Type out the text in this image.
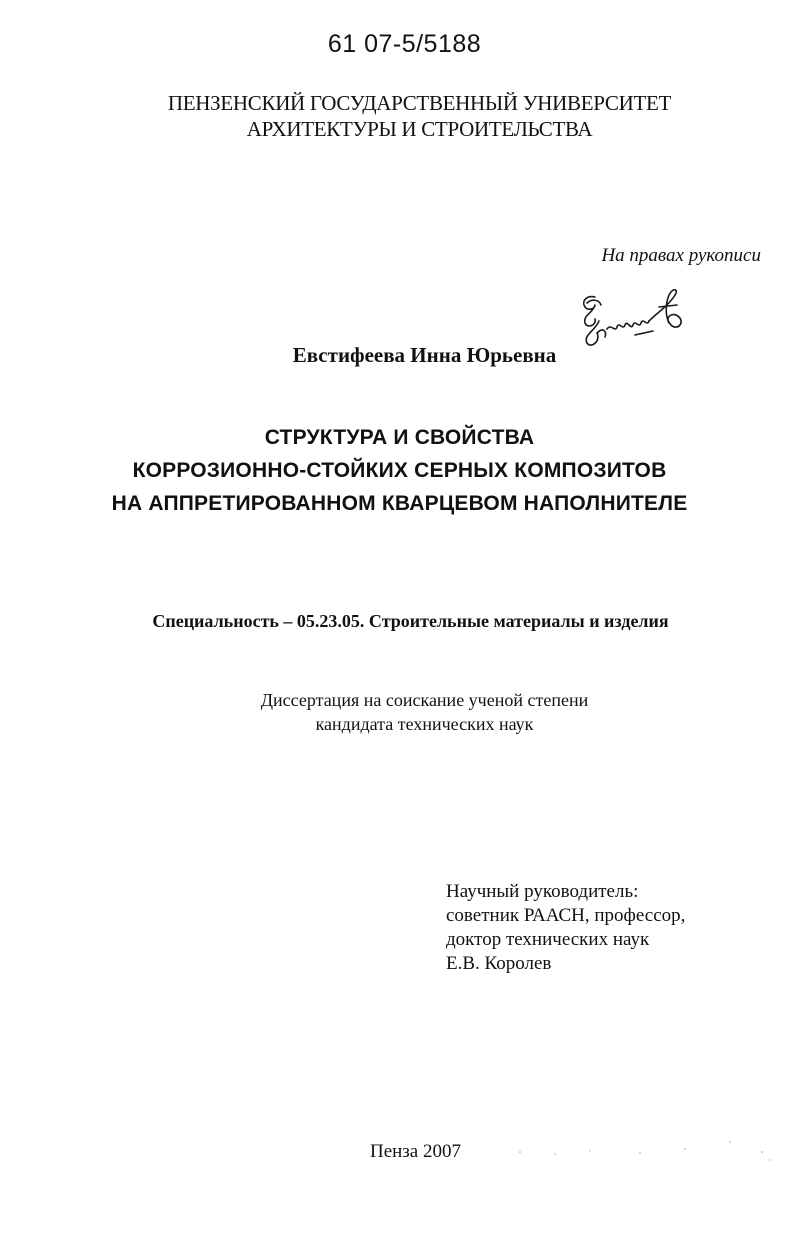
61 07-5/5188
ПЕНЗЕНСКИЙ ГОСУДАРСТВЕННЫЙ УНИВЕРСИТЕТ
АРХИТЕКТУРЫ И СТРОИТЕЛЬСТВА
На правах рукописи
Евстифеева Инна Юрьевна
СТРУКТУРА И СВОЙСТВА
КОРРОЗИОННО-СТОЙКИХ СЕРНЫХ КОМПОЗИТОВ
НА АППРЕТИРОВАННОМ КВАРЦЕВОМ НАПОЛНИТЕЛЕ
Специальность – 05.23.05. Строительные материалы и изделия
Диссертация на соискание ученой степени
кандидата технических наук
Научный руководитель:
советник РААСН, профессор,
доктор технических наук
Е.В. Королев
Пенза 2007
